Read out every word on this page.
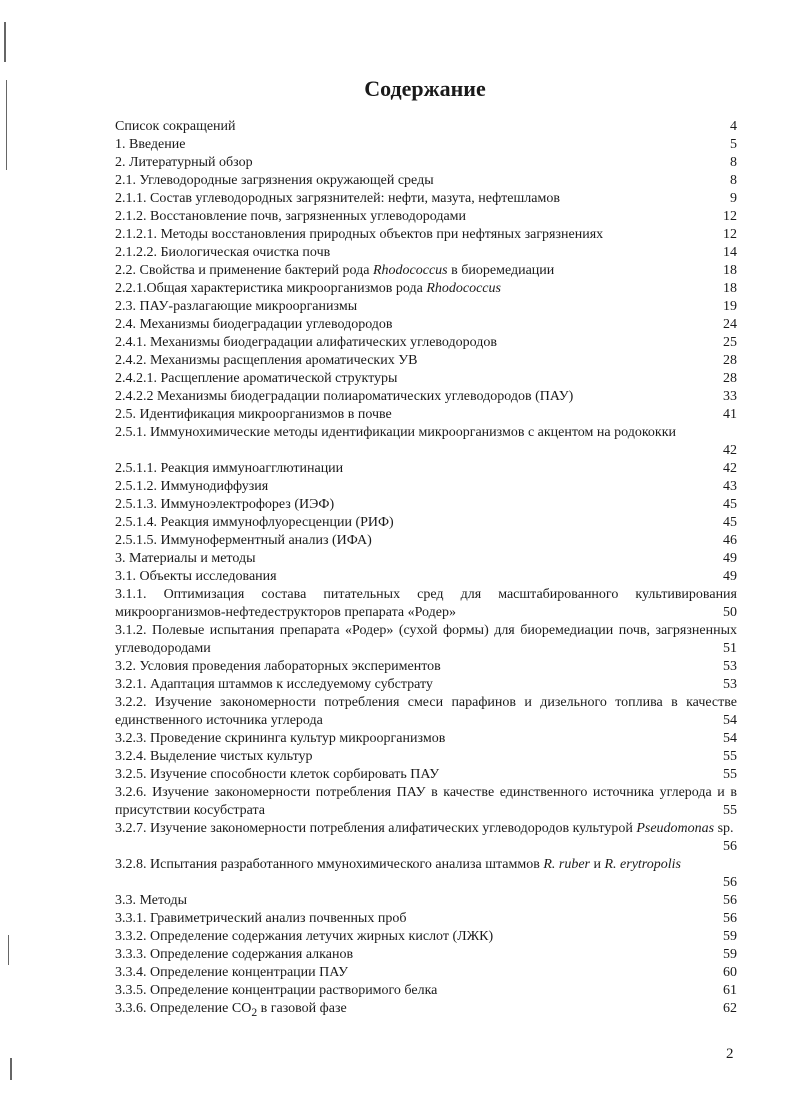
Содержание
Список сокращений	4
1. Введение	5
2. Литературный обзор	8
2.1. Углеводородные загрязнения окружающей среды	8
2.1.1. Состав углеводородных загрязнителей: нефти, мазута, нефтешламов	9
2.1.2. Восстановление почв, загрязненных углеводородами	12
2.1.2.1. Методы восстановления природных объектов при нефтяных загрязнениях	12
2.1.2.2. Биологическая очистка почв	14
2.2. Свойства и применение бактерий рода Rhodococcus в биоремедиации	18
2.2.1.Общая характеристика микроорганизмов рода Rhodococcus	18
2.3. ПАУ-разлагающие микроорганизмы	19
2.4. Механизмы биодеградации углеводородов	24
2.4.1. Механизмы биодеградации алифатических углеводородов	25
2.4.2. Механизмы расщепления ароматических УВ	28
2.4.2.1. Расщепление ароматической структуры	28
2.4.2.2 Механизмы биодеградации полиароматических углеводородов (ПАУ)	33
2.5. Идентификация микроорганизмов в почве	41
2.5.1. Иммунохимические методы идентификации микроорганизмов с акцентом на родококки
42
2.5.1.1. Реакция иммуноагглютинации	42
2.5.1.2. Иммунодиффузия	43
2.5.1.3. Иммуноэлектрофорез (ИЭФ)	45
2.5.1.4. Реакция иммунофлуоресценции (РИФ)	45
2.5.1.5. Иммуноферментный анализ (ИФА)	46
3. Материалы и методы	49
3.1. Объекты исследования	49
3.1.1. Оптимизация состава питательных сред для масштабированного культивирования микроорганизмов-нефтедеструкторов препарата «Родер»	50
3.1.2. Полевые испытания препарата «Родер» (сухой формы) для биоремедиации почв, загрязненных углеводородами	51
3.2. Условия проведения лабораторных экспериментов	53
3.2.1. Адаптация штаммов к исследуемому субстрату	53
3.2.2. Изучение закономерности потребления смеси парафинов и дизельного топлива в качестве единственного источника углерода	54
3.2.3. Проведение скрининга культур микроорганизмов	54
3.2.4. Выделение чистых культур	55
3.2.5. Изучение способности клеток сорбировать ПАУ	55
3.2.6. Изучение закономерности потребления ПАУ в качестве единственного источника углерода и в присутствии косубстрата	55
3.2.7. Изучение закономерности потребления алифатических углеводородов культурой Pseudomonas sp.
56
3.2.8. Испытания разработанного ммунохимического анализа штаммов R. ruber и R. erytropolis
56
3.3. Методы	56
3.3.1. Гравиметрический анализ почвенных проб	56
3.3.2. Определение содержания летучих жирных кислот (ЛЖК)	59
3.3.3. Определение содержания алканов	59
3.3.4. Определение концентрации ПАУ	60
3.3.5. Определение концентрации растворимого белка	61
3.3.6. Определение $CO_2$ в газовой фазе	62
2
